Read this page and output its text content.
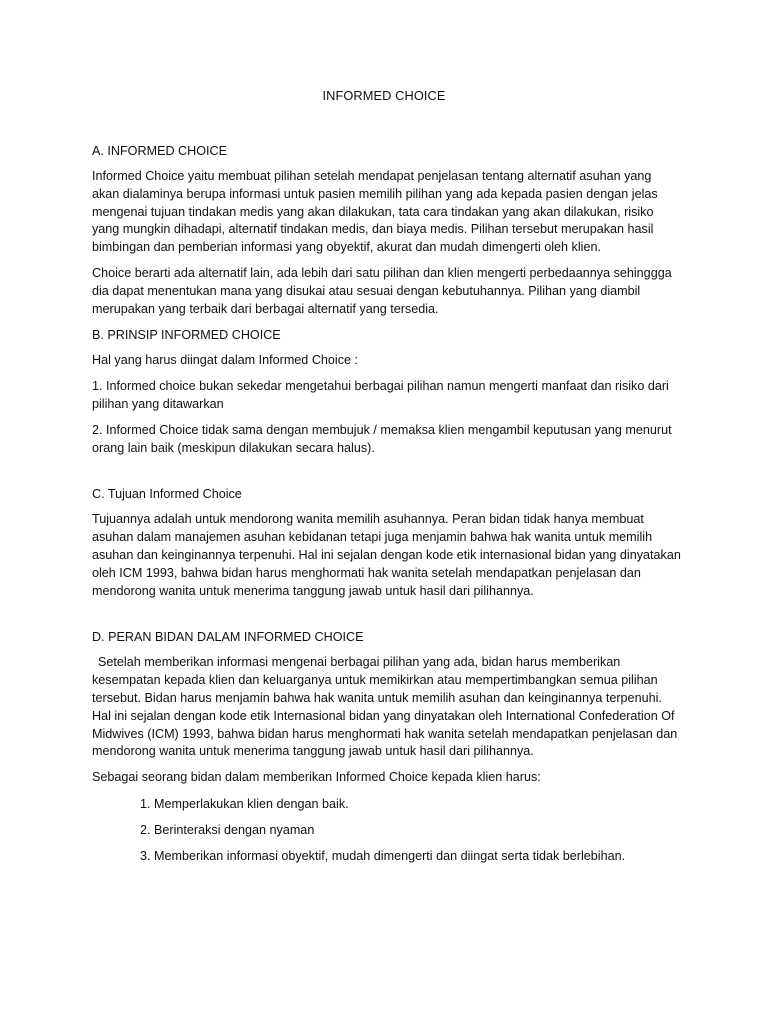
INFORMED CHOICE
A. INFORMED CHOICE

Informed Choice yaitu membuat pilihan setelah mendapat penjelasan tentang alternatif asuhan yang akan dialaminya berupa informasi untuk pasien memilih pilihan yang ada kepada pasien dengan jelas mengenai tujuan tindakan medis yang akan dilakukan, tata cara tindakan yang akan dilakukan, risiko yang mungkin dihadapi, alternatif tindakan medis, dan biaya medis. Pilihan tersebut merupakan hasil bimbingan dan pemberian informasi yang obyektif, akurat dan mudah dimengerti oleh klien.

Choice berarti ada alternatif lain, ada lebih dari satu pilihan dan klien mengerti perbedaannya sehinggga dia dapat menentukan mana yang disukai atau sesuai dengan kebutuhannya. Pilihan yang diambil merupakan yang terbaik dari berbagai alternatif yang tersedia.

B. PRINSIP INFORMED CHOICE

Hal yang harus diingat dalam Informed Choice :

1. Informed choice bukan sekedar mengetahui berbagai pilihan namun mengerti manfaat dan risiko dari pilihan yang ditawarkan

2. Informed Choice tidak sama dengan membujuk / memaksa klien mengambil keputusan yang menurut orang lain baik (meskipun dilakukan secara halus).

C. Tujuan Informed Choice

Tujuannya adalah untuk mendorong wanita memilih asuhannya. Peran bidan tidak hanya membuat asuhan dalam manajemen asuhan kebidanan tetapi juga menjamin bahwa hak wanita untuk memilih asuhan dan keinginannya terpenuhi. Hal ini sejalan dengan kode etik internasional bidan yang dinyatakan oleh ICM 1993, bahwa bidan harus menghormati hak wanita setelah mendapatkan penjelasan dan mendorong wanita untuk menerima tanggung jawab untuk hasil dari pilihannya.

D. PERAN BIDAN DALAM INFORMED CHOICE

Setelah memberikan informasi mengenai berbagai pilihan yang ada, bidan harus memberikan kesempatan kepada klien dan keluarganya untuk memikirkan atau mempertimbangkan semua pilihan tersebut. Bidan harus menjamin bahwa hak wanita untuk memilih asuhan dan keinginannya terpenuhi. Hal ini sejalan dengan kode etik Internasional bidan yang dinyatakan oleh International Confederation Of Midwives (ICM) 1993, bahwa bidan harus menghormati hak wanita setelah mendapatkan penjelasan dan mendorong wanita untuk menerima tanggung jawab untuk hasil dari pilihannya.

Sebagai seorang bidan dalam memberikan Informed Choice kepada klien harus:

1. Memperlakukan klien dengan baik.
2. Berinteraksi dengan nyaman
3. Memberikan informasi obyektif, mudah dimengerti dan diingat serta tidak berlebihan.
